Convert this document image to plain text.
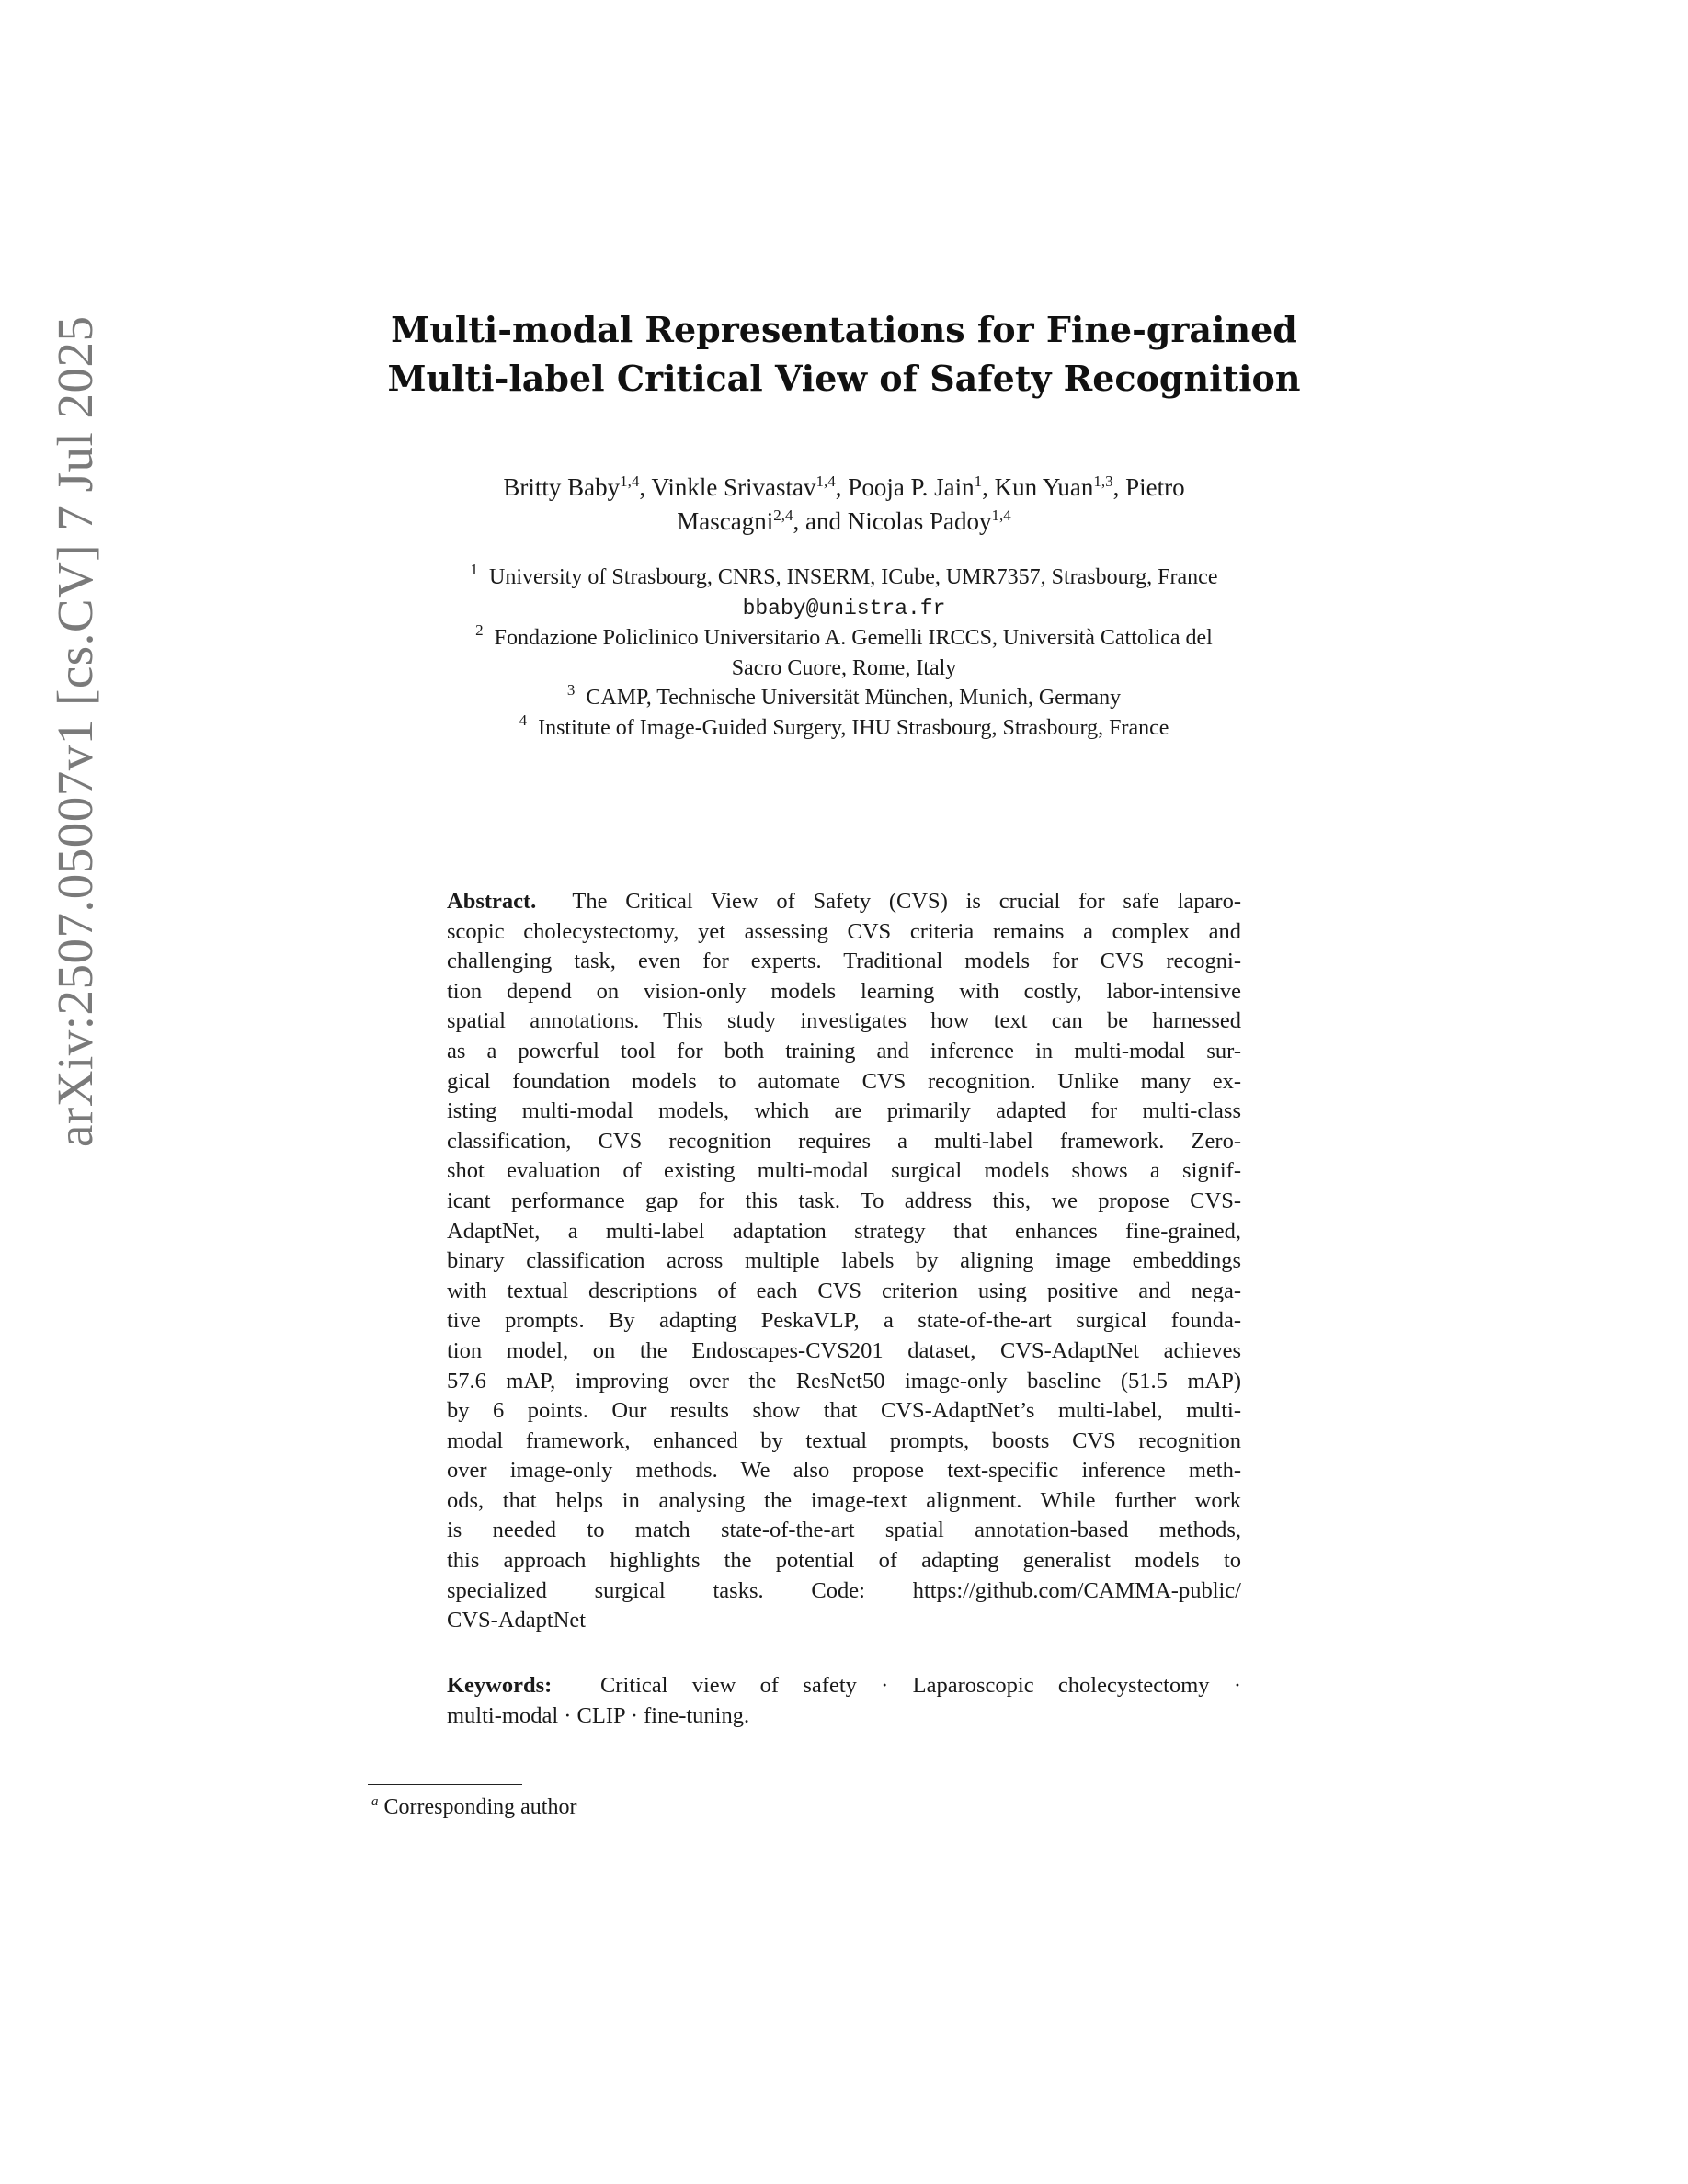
arXiv:2507.05007v1 [cs.CV] 7 Jul 2025	Multi-modal Representations for Fine-grained
Multi-label Critical View of Safety Recognition
Britty Baby$^{1,4}$, Vinkle Srivastav$^{1,4}$, Pooja P. Jain$^1$, Kun Yuan$^{1,3}$, Pietro
Mascagni$^{2,4}$, and Nicolas Padoy$^{1,4}$
$^1$ University of Strasbourg, CNRS, INSERM, ICube, UMR7357, Strasbourg, France
bbaby@unistra.fr
$^2$ Fondazione Policlinico Universitario A. Gemelli IRCCS, Università Cattolica del
Sacro Cuore, Rome, Italy
$^3$ CAMP, Technische Universität München, Munich, Germany
$^4$ Institute of Image-Guided Surgery, IHU Strasbourg, Strasbourg, France
Abstract. The Critical View of Safety (CVS) is crucial for safe laparo-
scopic cholecystectomy, yet assessing CVS criteria remains a complex and
challenging task, even for experts. Traditional models for CVS recogni-
tion depend on vision-only models learning with costly, labor-intensive
spatial annotations. This study investigates how text can be harnessed
as a powerful tool for both training and inference in multi-modal sur-
gical foundation models to automate CVS recognition. Unlike many ex-
isting multi-modal models, which are primarily adapted for multi-class
classification, CVS recognition requires a multi-label framework. Zero-
shot evaluation of existing multi-modal surgical models shows a signif-
icant performance gap for this task. To address this, we propose CVS-
AdaptNet, a multi-label adaptation strategy that enhances fine-grained,
binary classification across multiple labels by aligning image embeddings
with textual descriptions of each CVS criterion using positive and nega-
tive prompts. By adapting PeskaVLP, a state-of-the-art surgical founda-
tion model, on the Endoscapes-CVS201 dataset, CVS-AdaptNet achieves
57.6 mAP, improving over the ResNet50 image-only baseline (51.5 mAP)
by 6 points. Our results show that CVS-AdaptNet’s multi-label, multi-
modal framework, enhanced by textual prompts, boosts CVS recognition
over image-only methods. We also propose text-specific inference meth-
ods, that helps in analysing the image-text alignment. While further work
is needed to match state-of-the-art spatial annotation-based methods,
this approach highlights the potential of adapting generalist models to
specialized surgical tasks. Code: https://github.com/CAMMA-public/
CVS-AdaptNet
Keywords: Critical view of safety · Laparoscopic cholecystectomy ·
multi-modal · CLIP · fine-tuning.
$^a$ Corresponding author
